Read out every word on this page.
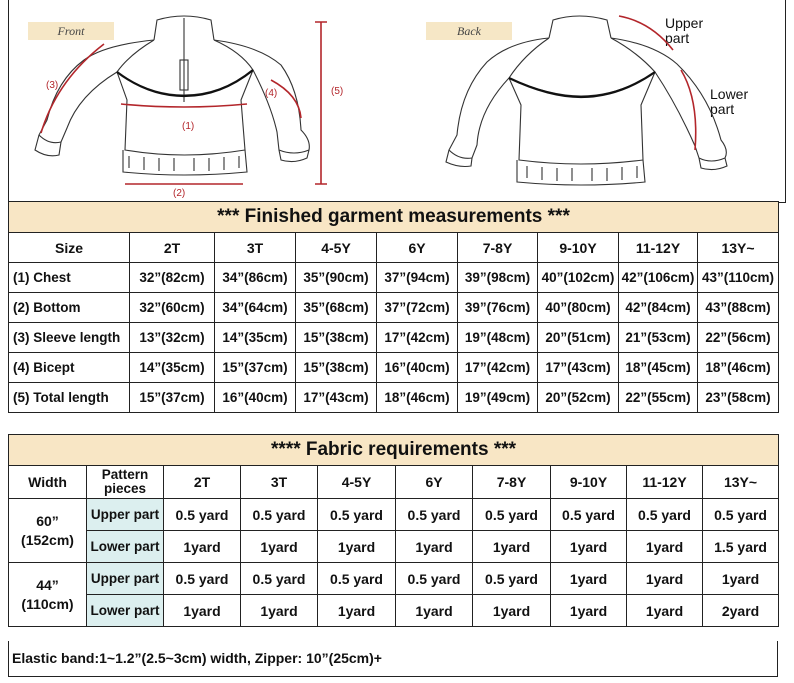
Front	Back	Upper
part
Lower
part
(1)
(2)
(3)
(4)	(5)
*** Finished garment measurements ***								
Size	2T	3T	4-5Y	6Y	7-8Y	9-10Y	11-12Y	13Y~
(1) Chest	32”(82cm)	34”(86cm)	35”(90cm)	37”(94cm)	39”(98cm)	40”(102cm)	42”(106cm)	43”(110cm)
(2) Bottom	32”(60cm)	34”(64cm)	35”(68cm)	37”(72cm)	39”(76cm)	40”(80cm)	42”(84cm)	43”(88cm)
(3) Sleeve length	13”(32cm)	14”(35cm)	15”(38cm)	17”(42cm)	19”(48cm)	20”(51cm)	21”(53cm)	22”(56cm)
(4) Bicept	14”(35cm)	15”(37cm)	15”(38cm)	16”(40cm)	17”(42cm)	17”(43cm)	18”(45cm)	18”(46cm)
(5) Total length	15”(37cm)	16”(40cm)	17”(43cm)	18”(46cm)	19”(49cm)	20”(52cm)	22”(55cm)	23”(58cm)
**** Fabric requirements ***									
Width	Pattern pieces	2T	3T	4-5Y	6Y	7-8Y	9-10Y	11-12Y	13Y~
60”
(152cm)	Upper part	0.5 yard	0.5 yard	0.5 yard	0.5 yard	0.5 yard	0.5 yard	0.5 yard	0.5 yard
	Lower part	1yard	1yard	1yard	1yard	1yard	1yard	1yard	1.5 yard
44”
(110cm)	Upper part	0.5 yard	0.5 yard	0.5 yard	0.5 yard	0.5 yard	1yard	1yard	1yard
	Lower part	1yard	1yard	1yard	1yard	1yard	1yard	1yard	2yard
Elastic band:1~1.2”(2.5~3cm) width, Zipper: 10”(25cm)+
